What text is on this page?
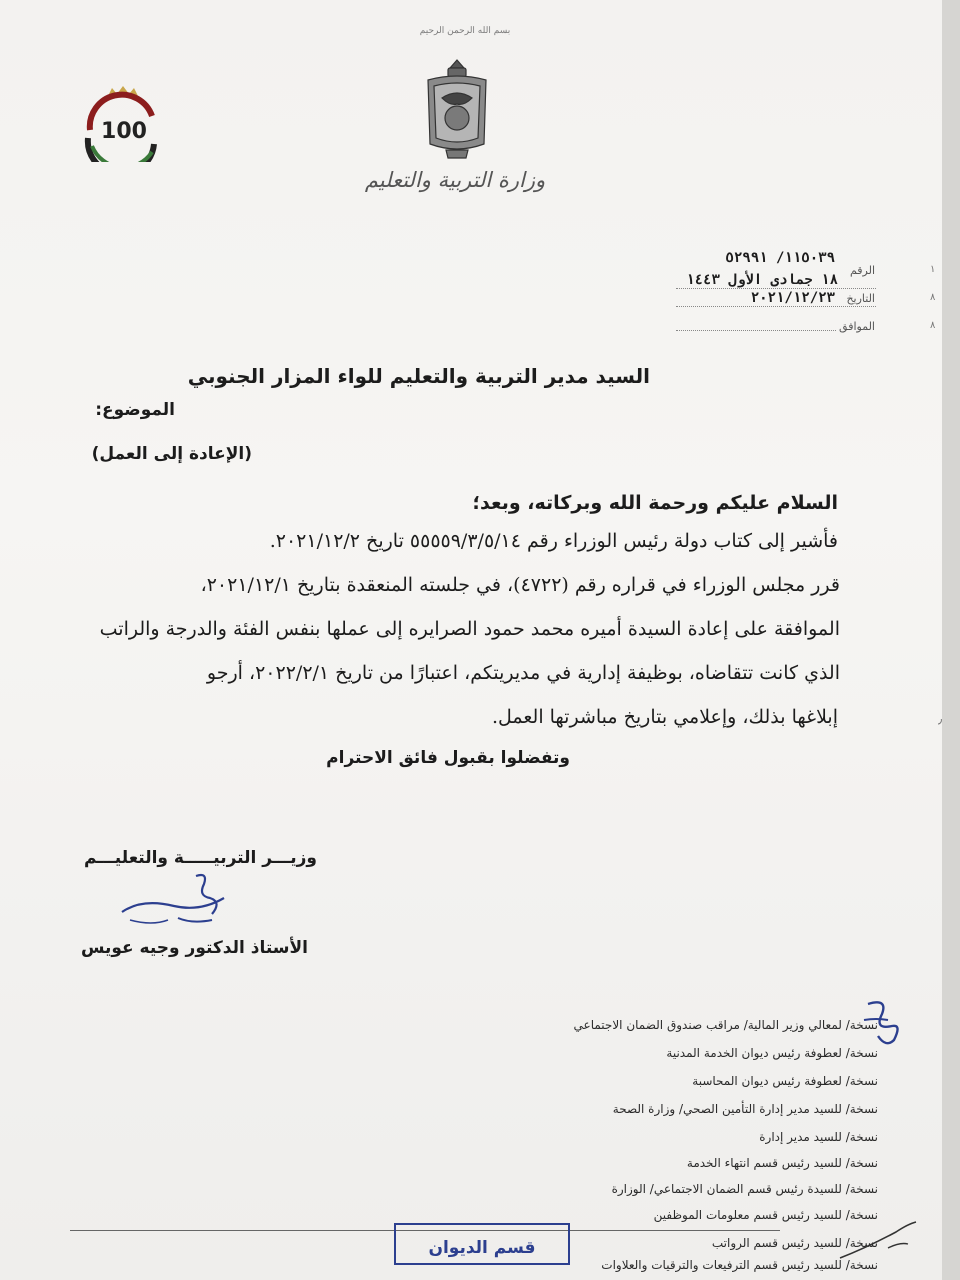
بسم الله الرحمن الرحيم
وزارة التربية والتعليم
100
١
٨
٨
الرقم
١١٥٠٣٩/ ٥٢٩٩١
١٨ جمادى الأول ١٤٤٣
التاريخ
٢٠٢١/١٢/٢٣
الموافق
السيد مدير التربية والتعليم للواء المزار الجنوبي
الموضوع:
(الإعادة إلى العمل)
السلام عليكم ورحمة الله وبركاته، وبعد؛
فأشير إلى كتاب دولة رئيس الوزراء رقم ٥٥٥٥٩/٣/٥/١٤ تاريخ ٢٠٢١/١٢/٢.
قرر مجلس الوزراء في قراره رقم (٤٧٢٢)، في جلسته المنعقدة بتاريخ ٢٠٢١/١٢/١،
الموافقة على إعادة السيدة أميره محمد حمود الصرايره إلى عملها بنفس الفئة والدرجة والراتب
الذي كانت تتقاضاه، بوظيفة إدارية في مديريتكم، اعتبارًا من تاريخ ٢٠٢٢/٢/١، أرجو
إبلاغها بذلك، وإعلامي بتاريخ مباشرتها العمل.
وتفضلوا بقبول فائق الاحترام
وزيـــر التربيـــــة والتعليـــم
الأستاذ الدكتور وجيه عويس
نسخة/ لمعالي وزير المالية/ مراقب صندوق الضمان الاجتماعي
نسخة/ لعطوفة رئيس ديوان الخدمة المدنية
نسخة/ لعطوفة رئيس ديوان المحاسبة
نسخة/ للسيد مدير إدارة التأمين الصحي/ وزارة الصحة
نسخة/ للسيد مدير إدارة
نسخة/ للسيد رئيس قسم انتهاء الخدمة
نسخة/ للسيدة رئيس قسم الضمان الاجتماعي/ الوزارة
نسخة/ للسيد رئيس قسم معلومات الموظفين
نسخة/ للسيد رئيس قسم الرواتب
نسخة/ للسيد رئيس قسم الترفيعات والترقيات والعلاوات
قسم الديوان
٫
